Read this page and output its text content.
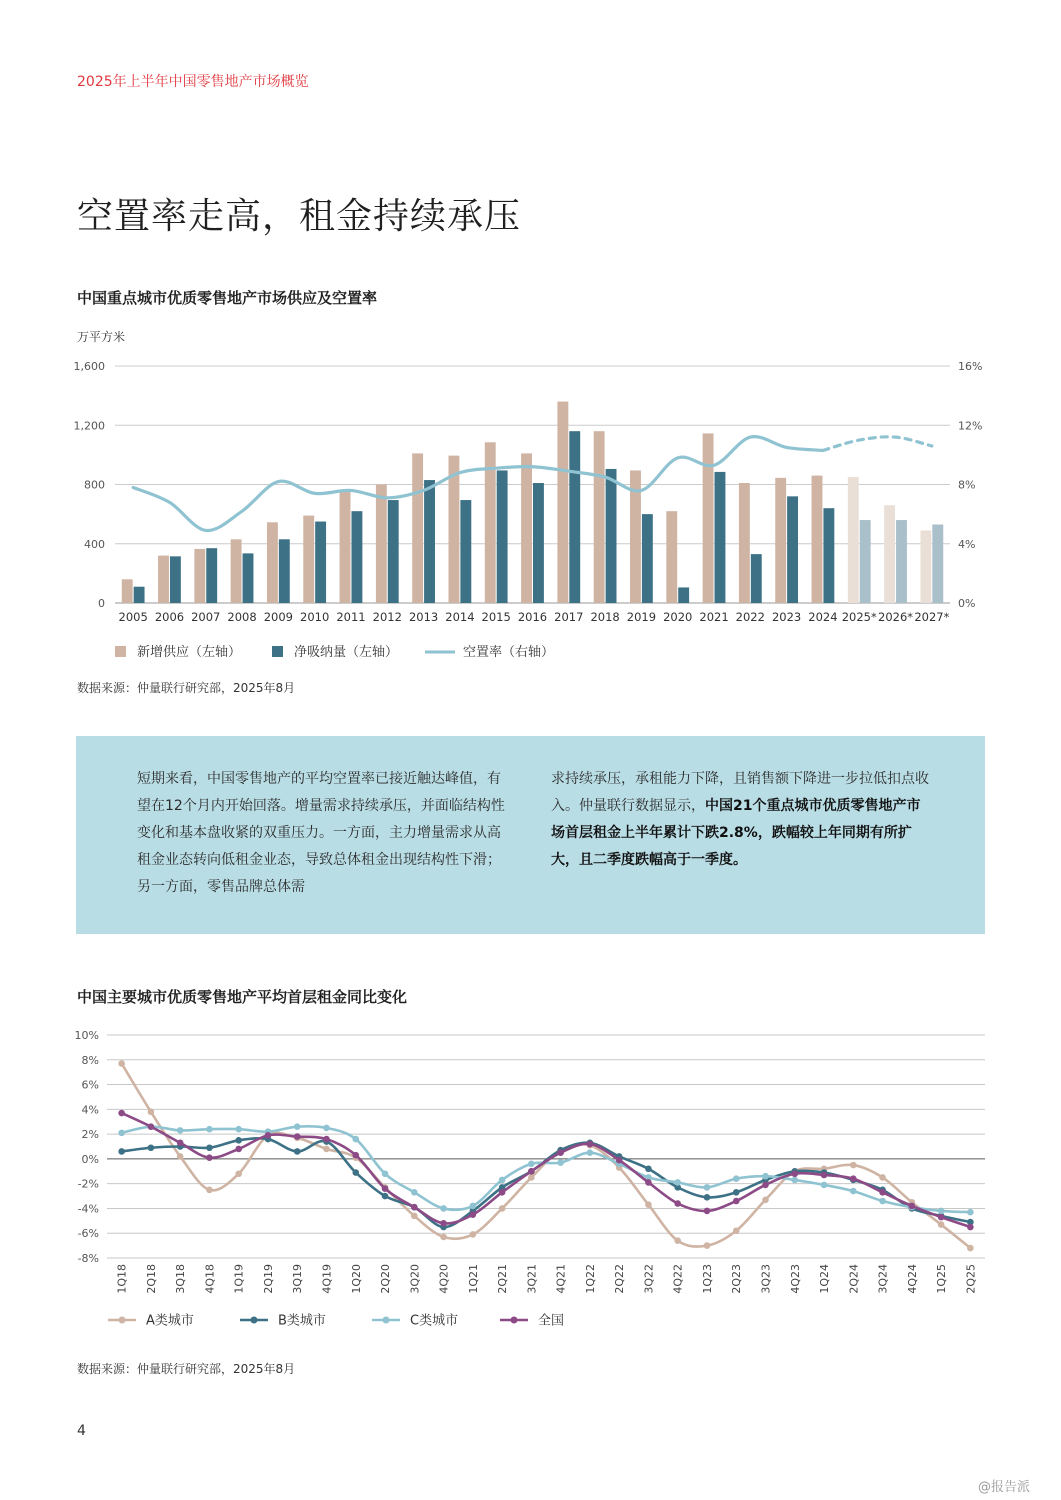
2025年上半年中国零售地产市场概览
空置率走高，租金持续承压
中国重点城市优质零售地产市场供应及空置率
万平方米
0	0%
400	4%
800	8%
1,200	12%
1,600	16%
2005 2006 2007 2008 2009 2010 2011 2012 2013 2014 2015 2016 2017 2018 2019 2020 2021 2022 2023 2024 2025* 2026* 2027*
新增供应（左轴）	净吸纳量（左轴）	空置率（右轴）
数据来源：仲量联行研究部，2025年8月
短期来看，中国零售地产的平均空置率已接近触达峰值，有望在12个月内开始回落。增量需求持续承压，并面临结构性变化和基本盘收紧的双重压力。一方面，主力增量需求从高租金业态转向低租金业态，导致总体租金出现结构性下滑；另一方面，零售品牌总体需
求持续承压，承租能力下降，且销售额下降进一步拉低扣点收入。仲量联行数据显示，中国21个重点城市优质零售地产市场首层租金上半年累计下跌2.8%，跌幅较上年同期有所扩大，且二季度跌幅高于一季度。
中国主要城市优质零售地产平均首层租金同比变化
10%
8%
6%
4%
2%
0%
-2%
-4%
-6%
-8%
1Q18 2Q18 3Q18 4Q18 1Q19 2Q19 3Q19 4Q19 1Q20 2Q20 3Q20 4Q20 1Q21 2Q21 3Q21 4Q21 1Q22 2Q22 3Q22 4Q22 1Q23 2Q23 3Q23 4Q23 1Q24 2Q24 3Q24 4Q24 1Q25 2Q25
A类城市	B类城市	C类城市	全国
数据来源：仲量联行研究部，2025年8月
4
@报告派
